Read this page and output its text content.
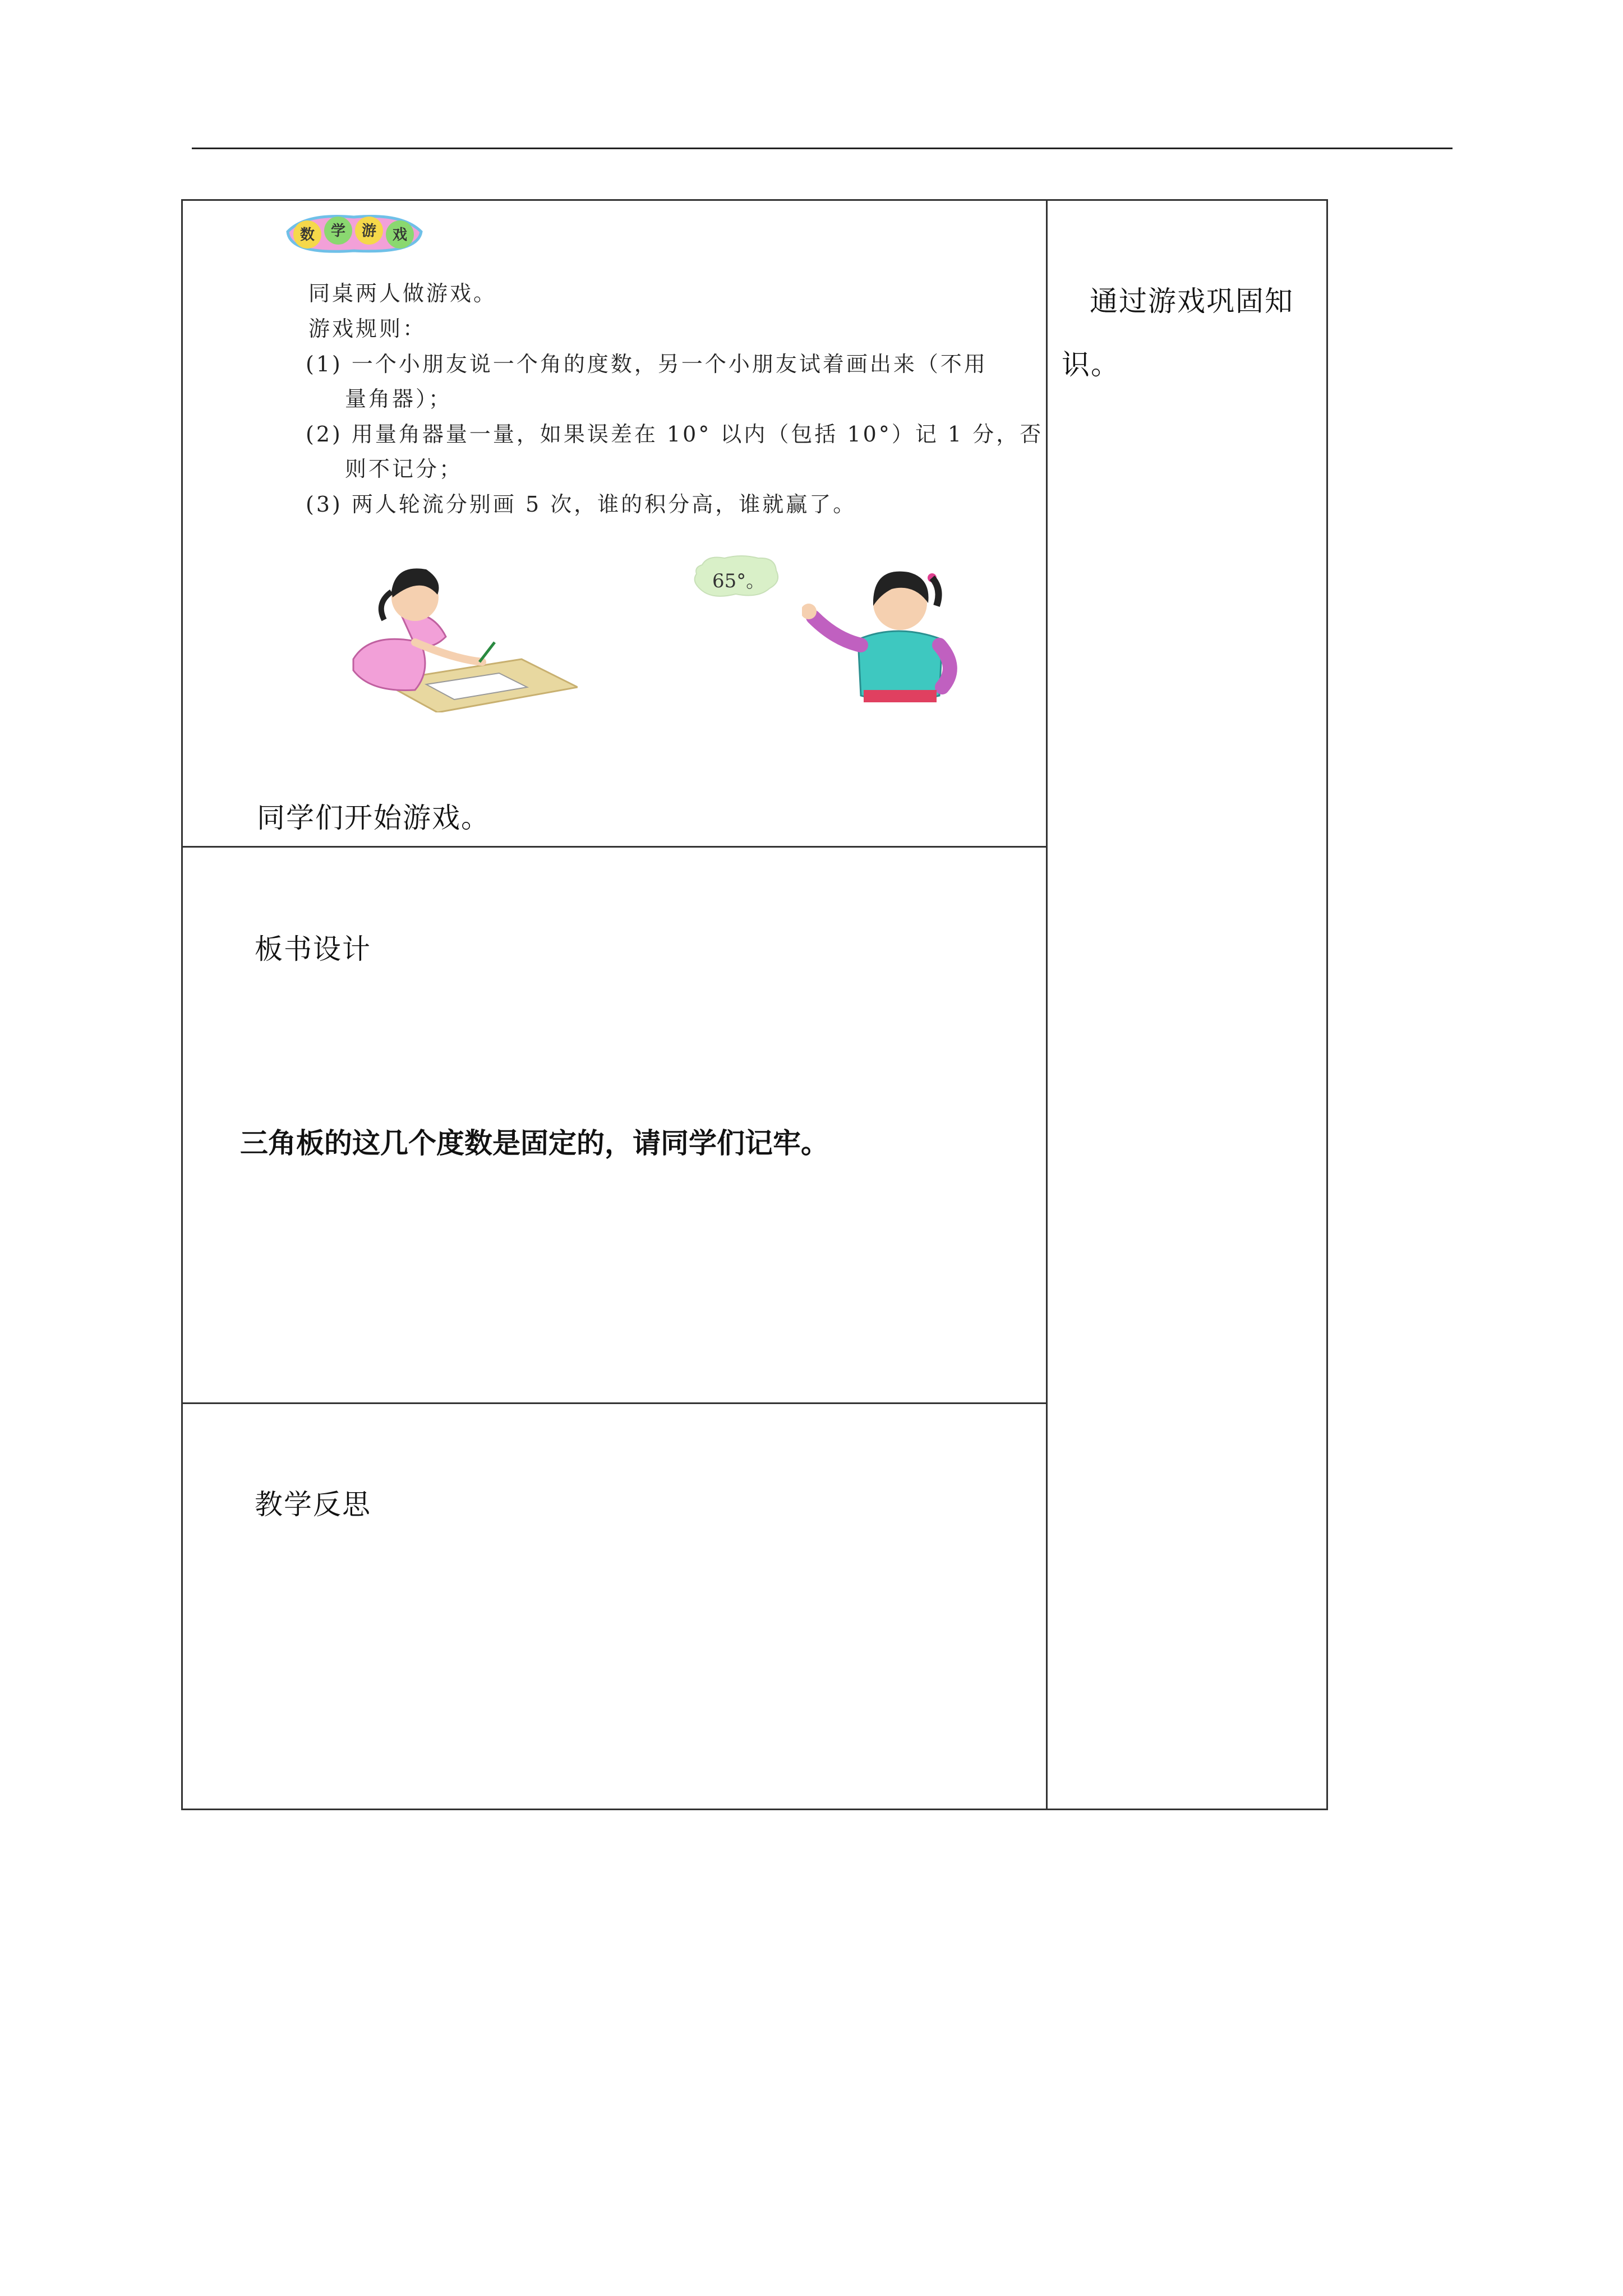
数	学	游	戏
同桌两人做游戏。
游戏规则：
(1) 一个小朋友说一个角的度数，另一个小朋友试着画出来（不用
量角器）；
(2) 用量角器量一量，如果误差在 10° 以内（包括 10°）记 1 分，否
则不记分；
(3) 两人轮流分别画 5 次，谁的积分高，谁就赢了。
65°。
同学们开始游戏。
通过游戏巩固知
识。
板书设计
三角板的这几个度数是固定的，请同学们记牢。
教学反思
